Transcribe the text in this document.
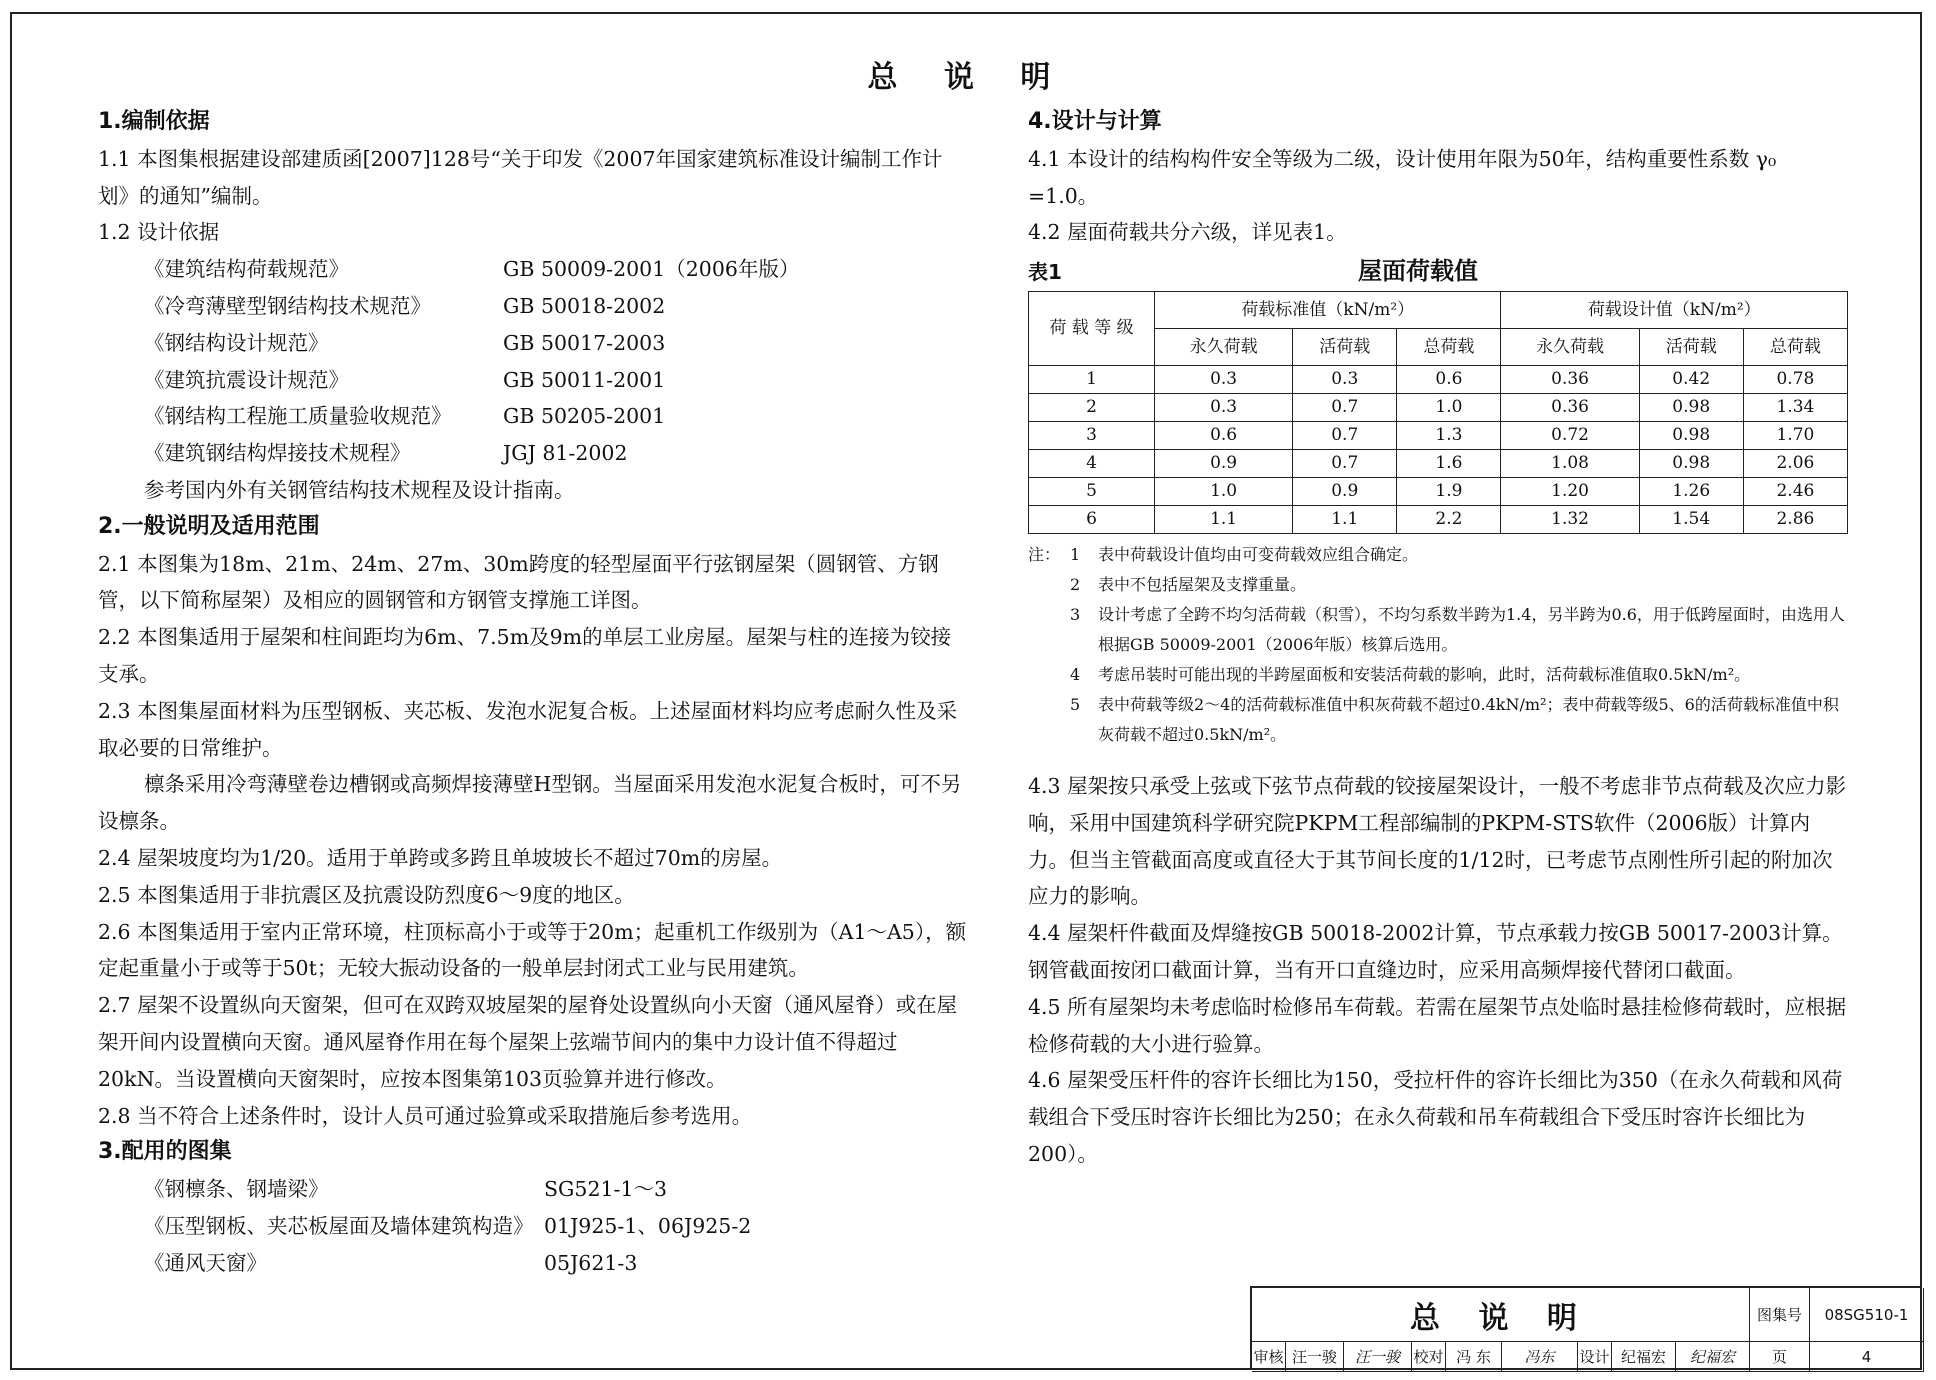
总 说 明
1.编制依据
1.1 本图集根据建设部建质函[2007]128号“关于印发《2007年国家建筑标准设计编制工作计划》的通知”编制。
1.2 设计依据
《建筑结构荷载规范》	GB 50009-2001（2006年版）
《冷弯薄壁型钢结构技术规范》	GB 50018-2002
《钢结构设计规范》	GB 50017-2003
《建筑抗震设计规范》	GB 50011-2001
《钢结构工程施工质量验收规范》	GB 50205-2001
《建筑钢结构焊接技术规程》	JGJ 81-2002
参考国内外有关钢管结构技术规程及设计指南。
2.一般说明及适用范围
2.1 本图集为18m、21m、24m、27m、30m跨度的轻型屋面平行弦钢屋架（圆钢管、方钢管，以下简称屋架）及相应的圆钢管和方钢管支撑施工详图。
2.2 本图集适用于屋架和柱间距均为6m、7.5m及9m的单层工业房屋。屋架与柱的连接为铰接支承。
2.3 本图集屋面材料为压型钢板、夹芯板、发泡水泥复合板。上述屋面材料均应考虑耐久性及采取必要的日常维护。
檩条采用冷弯薄壁卷边槽钢或高频焊接薄壁H型钢。当屋面采用发泡水泥复合板时，可不另设檩条。
2.4 屋架坡度均为1/20。适用于单跨或多跨且单坡坡长不超过70m的房屋。
2.5 本图集适用于非抗震区及抗震设防烈度6～9度的地区。
2.6 本图集适用于室内正常环境，柱顶标高小于或等于20m；起重机工作级别为（A1～A5），额定起重量小于或等于50t；无较大振动设备的一般单层封闭式工业与民用建筑。
2.7 屋架不设置纵向天窗架，但可在双跨双坡屋架的屋脊处设置纵向小天窗（通风屋脊）或在屋架开间内设置横向天窗。通风屋脊作用在每个屋架上弦端节间内的集中力设计值不得超过20kN。当设置横向天窗架时，应按本图集第103页验算并进行修改。
2.8 当不符合上述条件时，设计人员可通过验算或采取措施后参考选用。
3.配用的图集
《钢檩条、钢墙梁》	SG521-1～3
《压型钢板、夹芯板屋面及墙体建筑构造》 01J925-1、06J925-2
《通风天窗》	05J621-3
4.设计与计算
4.1 本设计的结构构件安全等级为二级，设计使用年限为50年，结构重要性系数 γ₀ =1.0。
4.2 屋面荷载共分六级，详见表1。
表1	屋面荷载值
荷 载 等 级	荷载标准值（kN/m²）			荷载设计值（kN/m²）		
	永久荷载	活荷载	总荷载	永久荷载	活荷载	总荷载
1	0.3	0.3	0.6	0.36	0.42	0.78
2	0.3	0.7	1.0	0.36	0.98	1.34
3	0.6	0.7	1.3	0.72	0.98	1.70
4	0.9	0.7	1.6	1.08	0.98	2.06
5	1.0	0.9	1.9	1.20	1.26	2.46
6	1.1	1.1	2.2	1.32	1.54	2.86
注： 1	表中荷载设计值均由可变荷载效应组合确定。
2	表中不包括屋架及支撑重量。
3	设计考虑了全跨不均匀活荷载（积雪），不均匀系数半跨为1.4，另半跨为0.6，用于低跨屋面时，由选用人根据GB 50009-2001（2006年版）核算后选用。
4	考虑吊装时可能出现的半跨屋面板和安装活荷载的影响，此时，活荷载标准值取0.5kN/m²。
5	表中荷载等级2～4的活荷载标准值中积灰荷载不超过0.4kN/m²；表中荷载等级5、6的活荷载标准值中积灰荷载不超过0.5kN/m²。
4.3 屋架按只承受上弦或下弦节点荷载的铰接屋架设计，一般不考虑非节点荷载及次应力影响，采用中国建筑科学研究院PKPM工程部编制的PKPM-STS软件（2006版）计算内力。但当主管截面高度或直径大于其节间长度的1/12时，已考虑节点刚性所引起的附加次应力的影响。
4.4 屋架杆件截面及焊缝按GB 50018-2002计算，节点承载力按GB 50017-2003计算。钢管截面按闭口截面计算，当有开口直缝边时，应采用高频焊接代替闭口截面。
4.5 所有屋架均未考虑临时检修吊车荷载。若需在屋架节点处临时悬挂检修荷载时，应根据检修荷载的大小进行验算。
4.6 屋架受压杆件的容许长细比为150，受拉杆件的容许长细比为350（在永久荷载和风荷载组合下受压时容许长细比为250；在永久荷载和吊车荷载组合下受压时容许长细比为200）。
总 说 明	图集号	08SG510-1
审核 汪一骏	汪一骏 校对 冯 东	冯东	设计 纪福宏	纪福宏	页	4
